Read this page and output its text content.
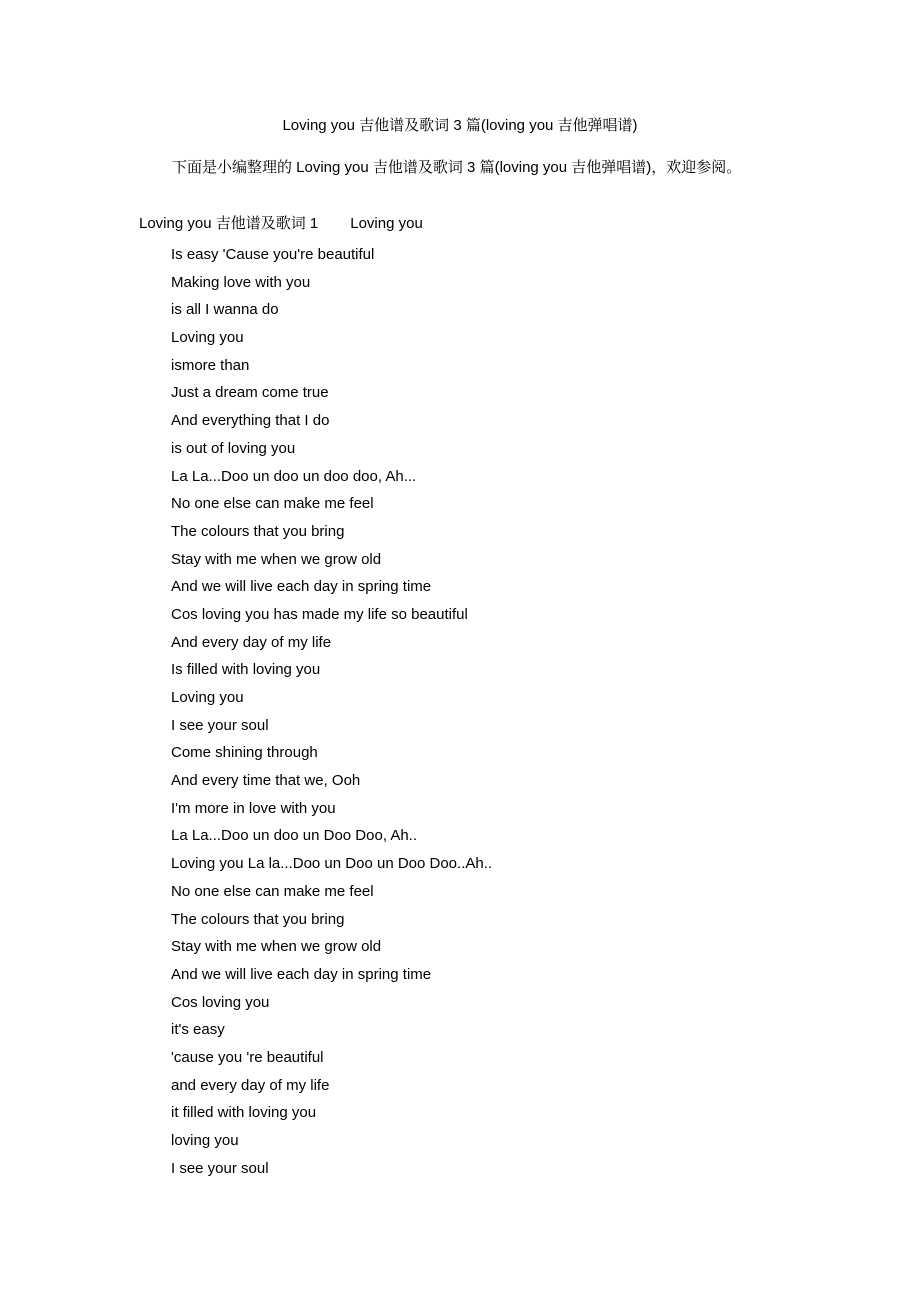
Loving you 吉他谱及歌词 3 篇(loving you 吉他弹唱谱)
下面是小编整理的 Loving you 吉他谱及歌词 3 篇(loving you 吉他弹唱谱)，欢迎参阅。
Loving you 吉他谱及歌词 1 Loving you
Is easy 'Cause you're beautiful
Making love with you
is all I wanna do
Loving you
ismore than
Just a dream come true
And everything that I do
is out of loving you
La La...Doo un doo un doo doo, Ah...
No one else can make me feel
The colours that you bring
Stay with me when we grow old
And we will live each day in spring time
Cos loving you has made my life so beautiful
And every day of my life
Is filled with loving you
Loving you
I see your soul
Come shining through
And every time that we, Ooh
I'm more in love with you
La La...Doo un doo un Doo Doo, Ah..
Loving you La la...Doo un Doo un Doo Doo..Ah..
No one else can make me feel
The colours that you bring
Stay with me when we grow old
And we will live each day in spring time
Cos loving you
it's easy
'cause you 're beautiful
and every day of my life
it filled with loving you
loving you
I see your soul
